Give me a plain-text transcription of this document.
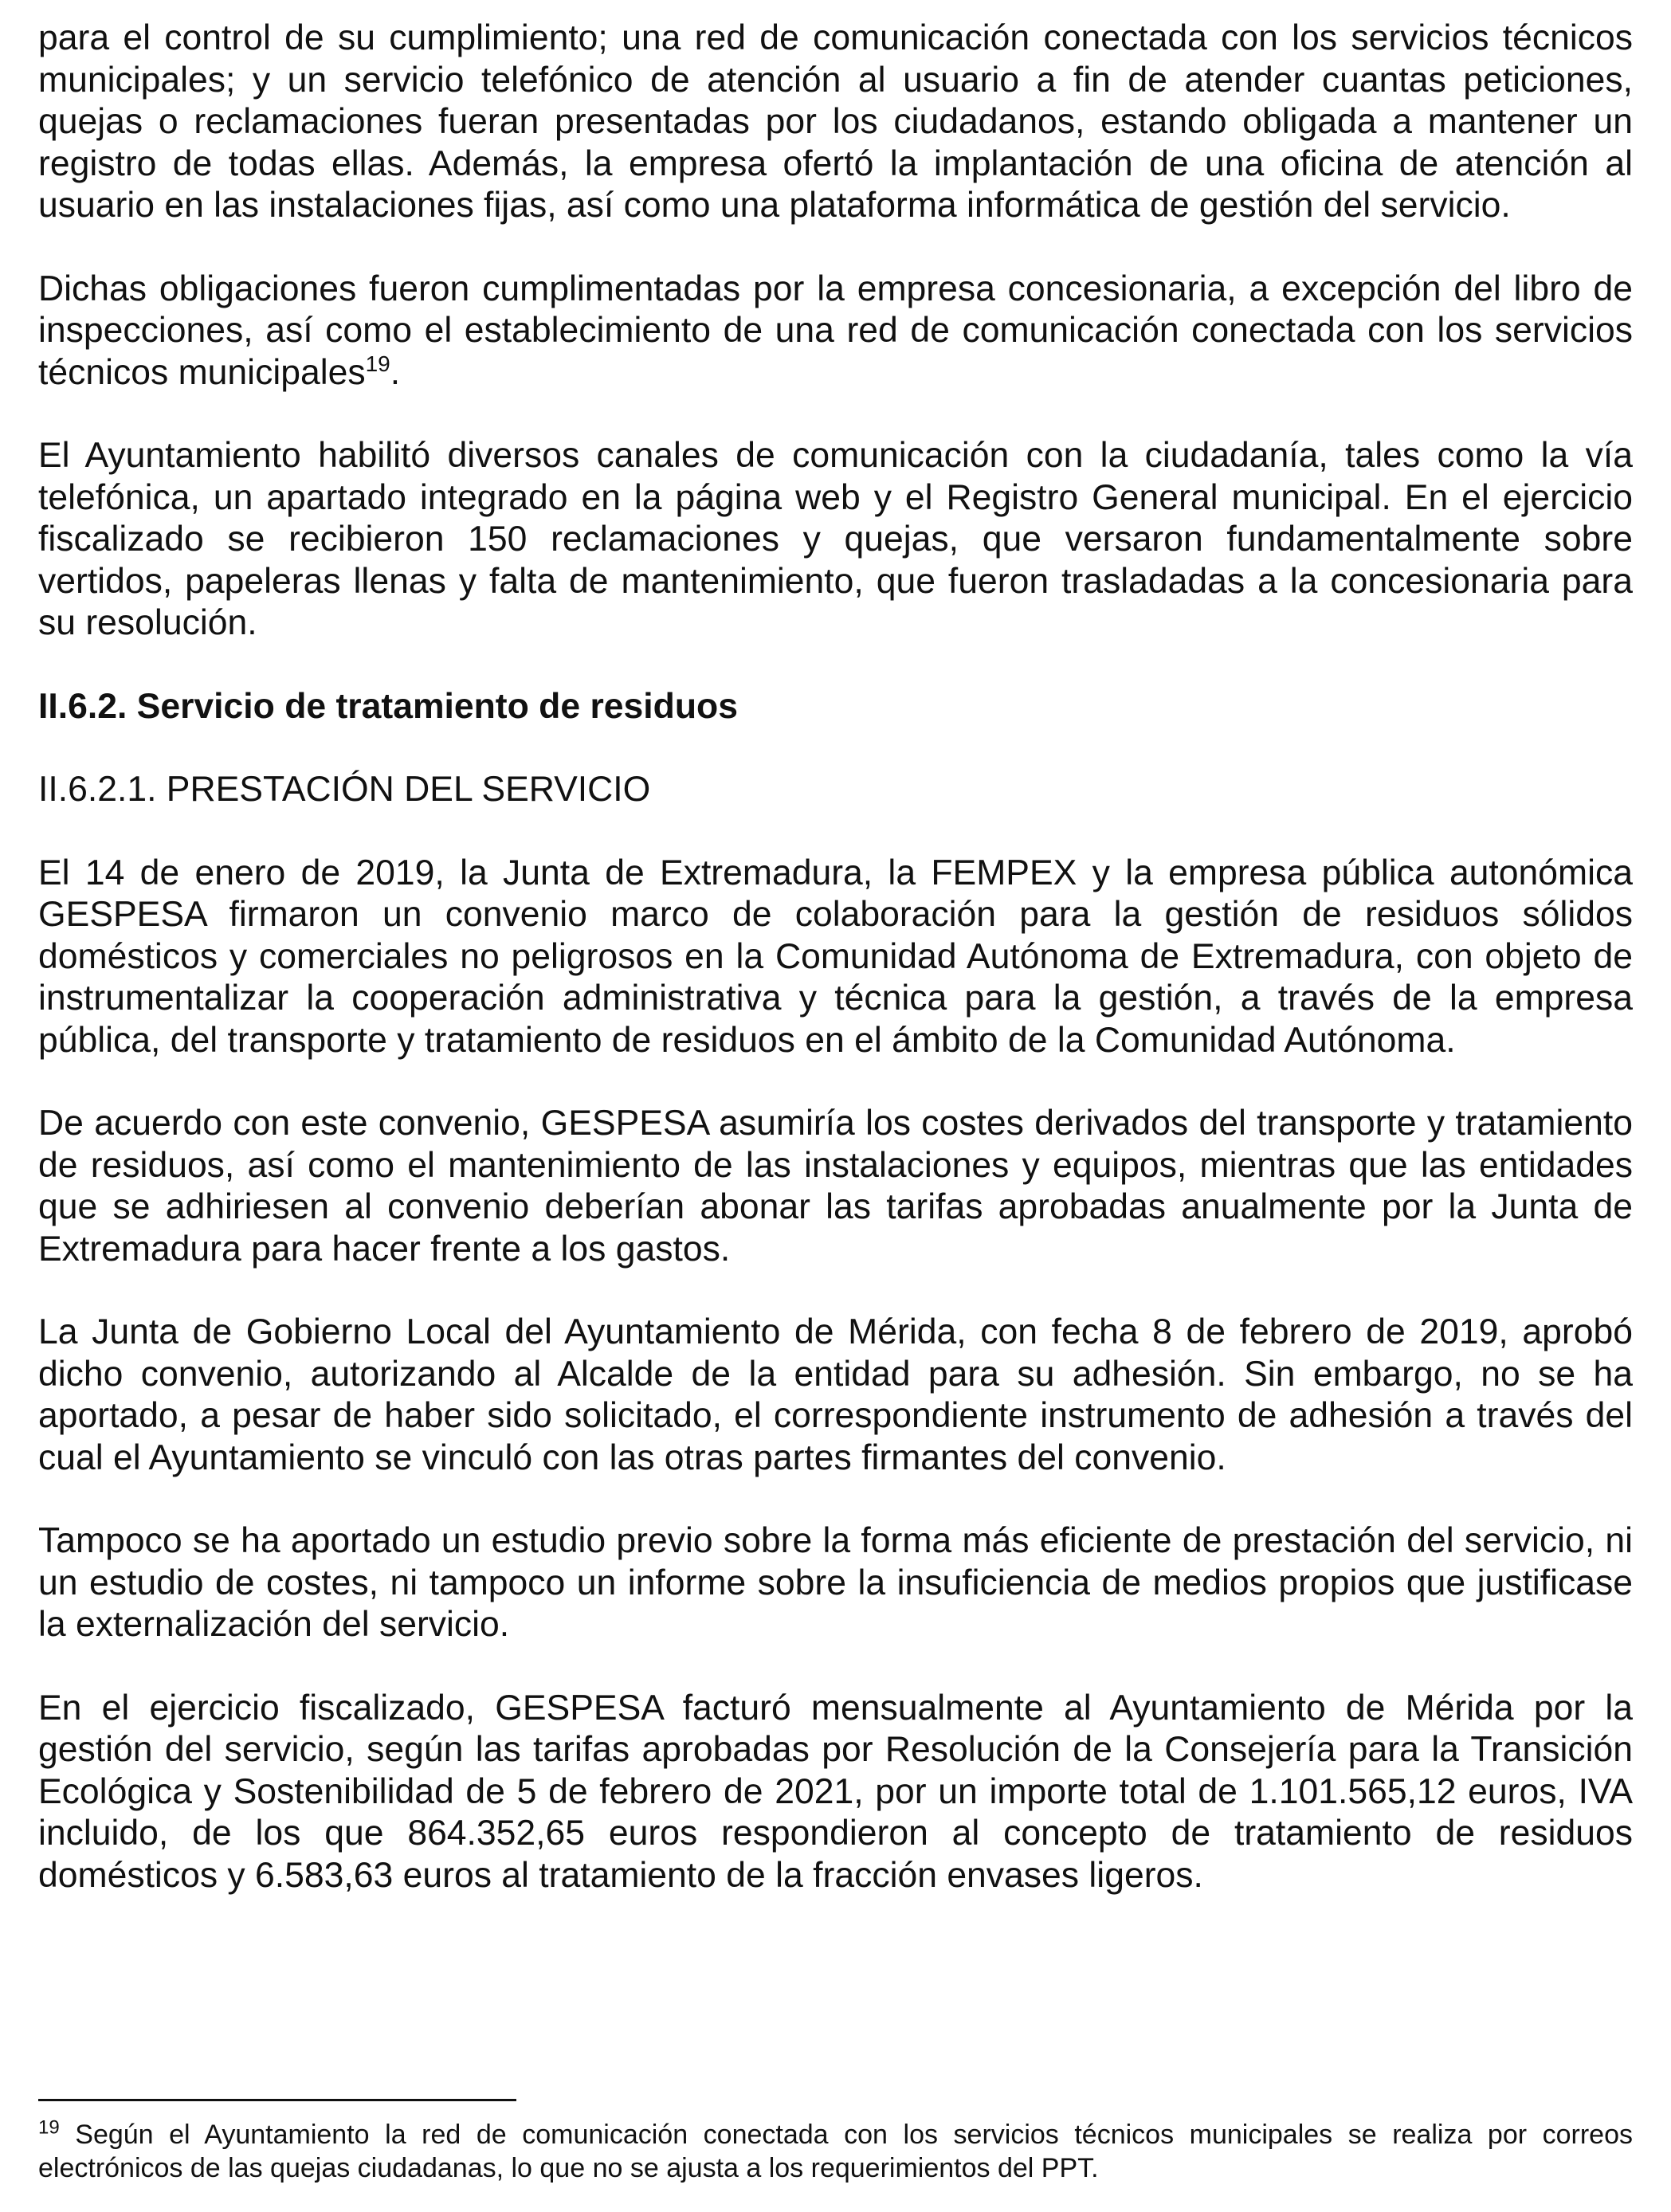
para el control de su cumplimiento; una red de comunicación conectada con los servicios técnicos municipales; y un servicio telefónico de atención al usuario a fin de atender cuantas peticiones, quejas o reclamaciones fueran presentadas por los ciudadanos, estando obligada a mantener un registro de todas ellas. Además, la empresa ofertó la implantación de una oficina de atención al usuario en las instalaciones fijas, así como una plataforma informática de gestión del servicio.

Dichas obligaciones fueron cumplimentadas por la empresa concesionaria, a excepción del libro de inspecciones, así como el establecimiento de una red de comunicación conectada con los servicios técnicos municipales$^{19}$.

El Ayuntamiento habilitó diversos canales de comunicación con la ciudadanía, tales como la vía telefónica, un apartado integrado en la página web y el Registro General municipal. En el ejercicio fiscalizado se recibieron 150 reclamaciones y quejas, que versaron fundamentalmente sobre vertidos, papeleras llenas y falta de mantenimiento, que fueron trasladadas a la concesionaria para su resolución.

II.6.2. Servicio de tratamiento de residuos

II.6.2.1. PRESTACIÓN DEL SERVICIO

El 14 de enero de 2019, la Junta de Extremadura, la FEMPEX y la empresa pública autonómica GESPESA firmaron un convenio marco de colaboración para la gestión de residuos sólidos domésticos y comerciales no peligrosos en la Comunidad Autónoma de Extremadura, con objeto de instrumentalizar la cooperación administrativa y técnica para la gestión, a través de la empresa pública, del transporte y tratamiento de residuos en el ámbito de la Comunidad Autónoma.

De acuerdo con este convenio, GESPESA asumiría los costes derivados del transporte y tratamiento de residuos, así como el mantenimiento de las instalaciones y equipos, mientras que las entidades que se adhiriesen al convenio deberían abonar las tarifas aprobadas anualmente por la Junta de Extremadura para hacer frente a los gastos.

La Junta de Gobierno Local del Ayuntamiento de Mérida, con fecha 8 de febrero de 2019, aprobó dicho convenio, autorizando al Alcalde de la entidad para su adhesión. Sin embargo, no se ha aportado, a pesar de haber sido solicitado, el correspondiente instrumento de adhesión a través del cual el Ayuntamiento se vinculó con las otras partes firmantes del convenio.

Tampoco se ha aportado un estudio previo sobre la forma más eficiente de prestación del servicio, ni un estudio de costes, ni tampoco un informe sobre la insuficiencia de medios propios que justificase la externalización del servicio.

En el ejercicio fiscalizado, GESPESA facturó mensualmente al Ayuntamiento de Mérida por la gestión del servicio, según las tarifas aprobadas por Resolución de la Consejería para la Transición Ecológica y Sostenibilidad de 5 de febrero de 2021, por un importe total de 1.101.565,12 euros, IVA incluido, de los que 864.352,65 euros respondieron al concepto de tratamiento de residuos domésticos y 6.583,63 euros al tratamiento de la fracción envases ligeros.

$^{19}$ Según el Ayuntamiento la red de comunicación conectada con los servicios técnicos municipales se realiza por correos electrónicos de las quejas ciudadanas, lo que no se ajusta a los requerimientos del PPT.
